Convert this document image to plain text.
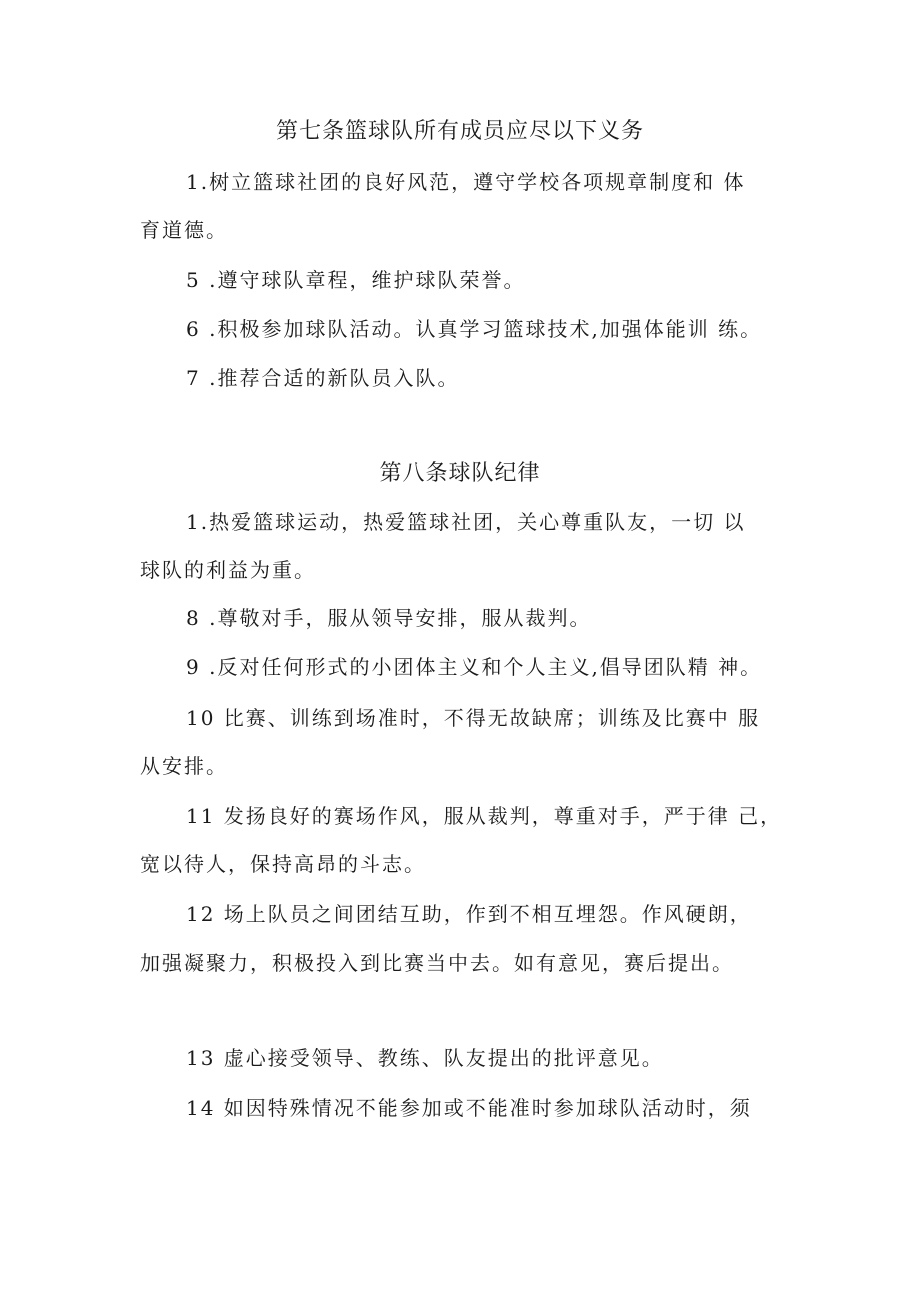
第七条篮球队所有成员应尽以下义务
1.树立篮球社团的良好风范，遵守学校各项规章制度和 体
育道德。
5 .遵守球队章程，维护球队荣誉。
6 .积极参加球队活动。认真学习篮球技术,加强体能训 练。
7 .推荐合适的新队员入队。
第八条球队纪律
1.热爱篮球运动，热爱篮球社团，关心尊重队友，一切 以
球队的利益为重。
8 .尊敬对手，服从领导安排，服从裁判。
9 .反对任何形式的小团体主义和个人主义,倡导团队精 神。
10 比赛、训练到场准时，不得无故缺席；训练及比赛中 服
从安排。
11 发扬良好的赛场作风，服从裁判，尊重对手，严于律 己，
宽以待人，保持高昂的斗志。
12 场上队员之间团结互助，作到不相互埋怨。作风硬朗，
加强凝聚力，积极投入到比赛当中去。如有意见，赛后提出。
13 虚心接受领导、教练、队友提出的批评意见。
14 如因特殊情况不能参加或不能准时参加球队活动时，须
